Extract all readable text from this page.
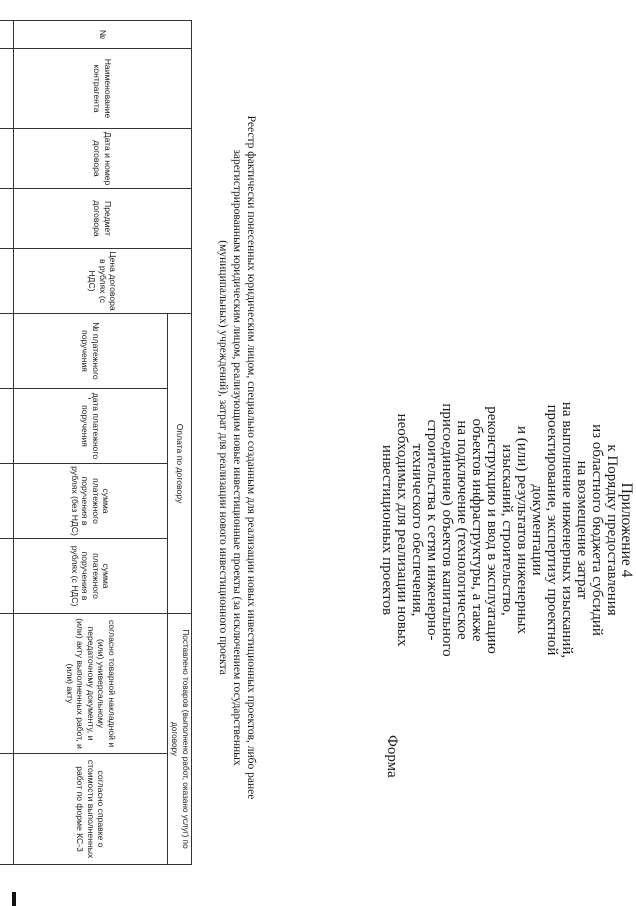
Приложение 4
к Порядку предоставления
из областного бюджета субсидий
на возмещение затрат
на выполнение инженерных изысканий,
проектирование, экспертизу проектной
документации
и (или) результатов инженерных
изысканий, строительство,
реконструкцию и ввод в эксплуатацию
объектов инфраструктуры, а также
на подключение (технологическое
присоединение) объектов капитального
строительства к сетям инженерно-
технического обеспечения,
необходимых для реализации новых
инвестиционных проектов
Форма
Реестр фактически понесенных юридическим лицом, специально созданным для реализации новых инвестиционных проектов, либо ранее
зарегистрированным юридическим лицом, реализующим новые инвестиционные проекты (за исключением государственных
(муниципальных) учреждений), затрат для реализации нового инвестиционного проекта
№	Наименование контрагента	Дата и номер договора	Предмет договора	Цена договора в рублях (с НДС)	Оплата по договору				Поставлено товаров (выполнено работ, оказано услуг) по договору	
					№ платежного поручения	дата платежного поручения	сумма платежного поручения в рублях (без НДС)	сумма платежного поручения в рублях (с НДС)	согласно товарной накладной и (или) универсальному передаточному документу, и (или) акту выполненных работ, и (или) акту	согласно справке о стоимости выполненных работ по форме КС-3
